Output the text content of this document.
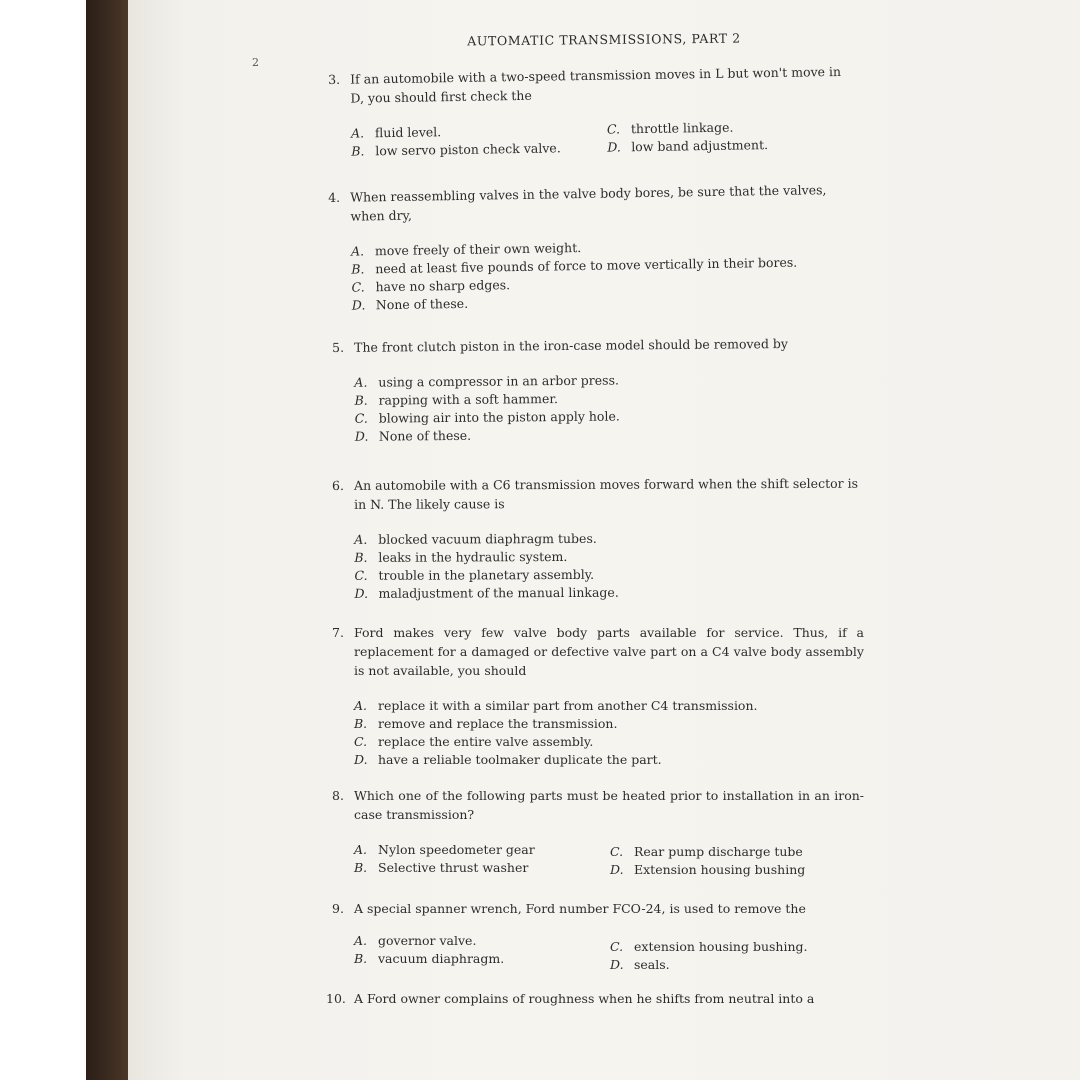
2
AUTOMATIC TRANSMISSIONS, PART 2
3. If an automobile with a two-speed transmission moves in L but won't move in D, you should first check the
A. fluid level.
B. low servo piston check valve.
C. throttle linkage.
D. low band adjustment.
4. When reassembling valves in the valve body bores, be sure that the valves, when dry,
A. move freely of their own weight.
B. need at least five pounds of force to move vertically in their bores.
C. have no sharp edges.
D. None of these.
5. The front clutch piston in the iron-case model should be removed by
A. using a compressor in an arbor press.
B. rapping with a soft hammer.
C. blowing air into the piston apply hole.
D. None of these.
6. An automobile with a C6 transmission moves forward when the shift selector is in N. The likely cause is
A. blocked vacuum diaphragm tubes.
B. leaks in the hydraulic system.
C. trouble in the planetary assembly.
D. maladjustment of the manual linkage.
7. Ford makes very few valve body parts available for service. Thus, if a replacement for a damaged or defective valve part on a C4 valve body assembly is not available, you should
A. replace it with a similar part from another C4 transmission.
B. remove and replace the transmission.
C. replace the entire valve assembly.
D. have a reliable toolmaker duplicate the part.
8. Which one of the following parts must be heated prior to installation in an iron-case transmission?
A. Nylon speedometer gear
B. Selective thrust washer
C. Rear pump discharge tube
D. Extension housing bushing
9. A special spanner wrench, Ford number FCO-24, is used to remove the
A. governor valve.
B. vacuum diaphragm.
C. extension housing bushing.
D. seals.
10. A Ford owner complains of roughness when he shifts from neutral into a
